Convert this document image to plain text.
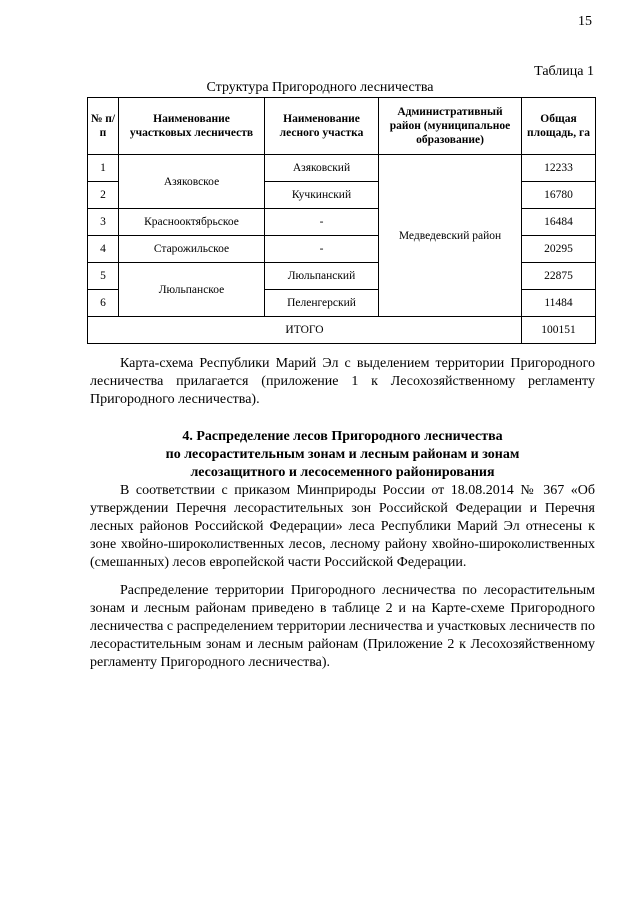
15
Таблица 1
Структура Пригородного лесничества
№ п/п	Наименование участковых лесничеств	Наименование лесного участка	Административный район (муниципальное образование)	Общая площадь, га
1	Азяковское	Азяковский	Медведевский район	12233
2		Кучкинский		16780
3	Краснооктябрьское	-		16484
4	Старожильское	-		20295
5	Люльпанское	Люльпанский		22875
6		Пеленгерский		11484
ИТОГО				100151
Карта-схема Республики Марий Эл с выделением территории Пригородного лесничества прилагается (приложение 1 к Лесохозяйственному регламенту Пригородного лесничества).
4. Распределение лесов Пригородного лесничества
по лесорастительным зонам и лесным районам и зонам
лесозащитного и лесосеменного районирования
В соответствии с приказом Минприроды России от 18.08.2014 № 367 «Об утверждении Перечня лесорастительных зон Российской Федерации и Перечня лесных районов Российской Федерации» леса Республики Марий Эл отнесены к зоне хвойно-широколиственных лесов, лесному району хвойно-широколиственных (смешанных) лесов европейской части Российской Федерации.
Распределение территории Пригородного лесничества по лесорастительным зонам и лесным районам приведено в таблице 2 и на Карте-схеме Пригородного лесничества с распределением территории лесничества и участковых лесничеств по лесорастительным зонам и лесным районам (Приложение 2 к Лесохозяйственному регламенту Пригородного лесничества).
